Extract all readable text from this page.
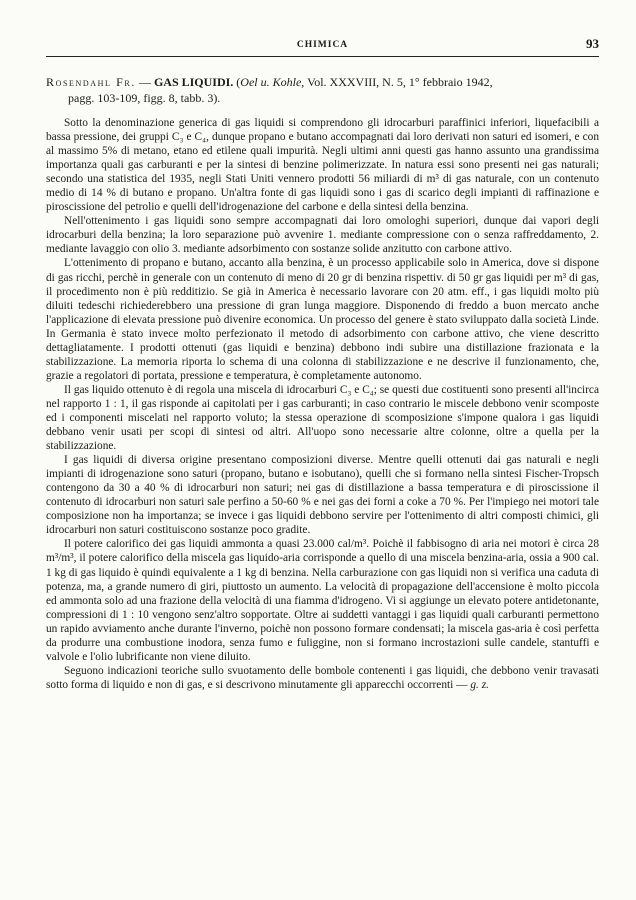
CHIMICA	93
Rosendahl Fr. — GAS LIQUIDI. (Oel u. Kohle, Vol. XXXVIII, N. 5, 1° febbraio 1942,
pagg. 103-109, figg. 8, tabb. 3).

Sotto la denominazione generica di gas liquidi si comprendono gli idrocarburi paraffinici inferiori, liquefacibili a bassa pressione, dei gruppi C₃ e C₄, dunque propano e butano accompagnati dai loro derivati non saturi ed isomeri, e con al massimo 5% di metano, etano ed etilene quali impurità. Negli ultimi anni questi gas hanno assunto una grandissima importanza quali gas carburanti e per la sintesi di benzine polimerizzate. In natura essi sono presenti nei gas naturali; secondo una statistica del 1935, negli Stati Uniti vennero prodotti 56 miliardi di m³ di gas naturale, con un contenuto medio di 14 % di butano e propano. Un'altra fonte di gas liquidi sono i gas di scarico degli impianti di raffinazione e piroscissione del petrolio e quelli dell'idrogenazione del carbone e della sintesi della benzina.

Nell'ottenimento i gas liquidi sono sempre accompagnati dai loro omologhi superiori, dunque dai vapori degli idrocarburi della benzina; la loro separazione può avvenire 1. mediante compressione con o senza raffreddamento, 2. mediante lavaggio con olio 3. mediante adsorbimento con sostanze solide anzitutto con carbone attivo.

L'ottenimento di propano e butano, accanto alla benzina, è un processo applicabile solo in America, dove si dispone di gas ricchi, perchè in generale con un contenuto di meno di 20 gr di benzina rispettiv. di 50 gr gas liquidi per m³ di gas, il procedimento non è più redditizio. Se già in America è necessario lavorare con 20 atm. eff., i gas liquidi molto più diluiti tedeschi richiederebbero una pressione di gran lunga maggiore. Disponendo di freddo a buon mercato anche l'applicazione di elevata pressione può divenire economica. Un processo del genere è stato sviluppato dalla società Linde. In Germania è stato invece molto perfezionato il metodo di adsorbimento con carbone attivo, che viene descritto dettagliatamente. I prodotti ottenuti (gas liquidi e benzina) debbono indi subire una distillazione frazionata e la stabilizzazione. La memoria riporta lo schema di una colonna di stabilizzazione e ne descrive il funzionamento, che, grazie a regolatori di portata, pressione e temperatura, è completamente autonomo.

Il gas liquido ottenuto è di regola una miscela di idrocarburi C₃ e C₄; se questi due costituenti sono presenti all'incirca nel rapporto 1 : 1, il gas risponde ai capitolati per i gas carburanti; in caso contrario le miscele debbono venir scomposte ed i componenti miscelati nel rapporto voluto; la stessa operazione di scomposizione s'impone qualora i gas liquidi debbano venir usati per scopi di sintesi od altri. All'uopo sono necessarie altre colonne, oltre a quella per la stabilizzazione.

I gas liquidi di diversa origine presentano composizioni diverse. Mentre quelli ottenuti dai gas naturali e negli impianti di idrogenazione sono saturi (propano, butano e isobutano), quelli che si formano nella sintesi Fischer-Tropsch contengono da 30 a 40 % di idrocarburi non saturi; nei gas di distillazione a bassa temperatura e di piroscissione il contenuto di idrocarburi non saturi sale perfino a 50-60 % e nei gas dei forni a coke a 70 %. Per l'impiego nei motori tale composizione non ha importanza; se invece i gas liquidi debbono servire per l'ottenimento di altri composti chimici, gli idrocarburi non saturi costituiscono sostanze poco gradite.

Il potere calorifico dei gas liquidi ammonta a quasi 23.000 cal/m³. Poichè il fabbisogno di aria nei motori è circa 28 m³/m³, il potere calorifico della miscela gas liquido-aria corrisponde a quello di una miscela benzina-aria, ossia a 900 cal. 1 kg di gas liquido è quindi equivalente a 1 kg di benzina. Nella carburazione con gas liquidi non si verifica una caduta di potenza, ma, a grande numero di giri, piuttosto un aumento. La velocità di propagazione dell'accensione è molto piccola ed ammonta solo ad una frazione della velocità di una fiamma d'idrogeno. Vi si aggiunge un elevato potere antidetonante, compressioni di 1 : 10 vengono senz'altro sopportate. Oltre ai suddetti vantaggi i gas liquidi quali carburanti permettono un rapido avviamento anche durante l'inverno, poichè non possono formare condensati; la miscela gas-aria è così perfetta da produrre una combustione inodora, senza fumo e fuliggine, non si formano incrostazioni sulle candele, stantuffi e valvole e l'olio lubrificante non viene diluito.

Seguono indicazioni teoriche sullo svuotamento delle bombole contenenti i gas liquidi, che debbono venir travasati sotto forma di liquido e non di gas, e si descrivono minutamente gli apparecchi occorrenti — g. z.
